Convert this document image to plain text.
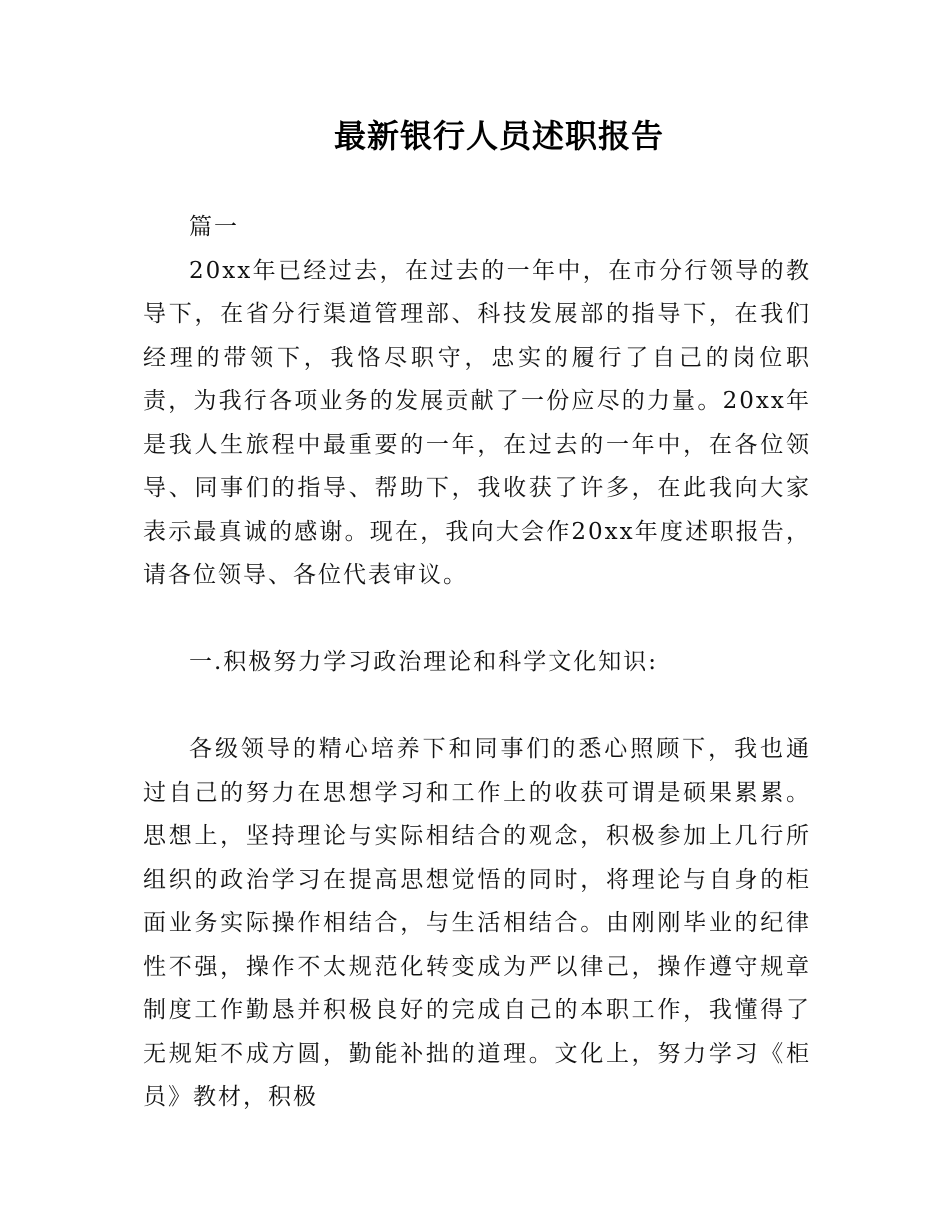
最新银行人员述职报告

篇一

20xx年已经过去，在过去的一年中，在市分行领导的教导下，在省分行渠道管理部、科技发展部的指导下，在我们经理的带领下，我恪尽职守，忠实的履行了自己的岗位职责，为我行各项业务的发展贡献了一份应尽的力量。20xx年是我人生旅程中最重要的一年，在过去的一年中，在各位领导、同事们的指导、帮助下，我收获了许多，在此我向大家表示最真诚的感谢。现在，我向大会作20xx年度述职报告，请各位领导、各位代表审议。

一.积极努力学习政治理论和科学文化知识:

各级领导的精心培养下和同事们的悉心照顾下，我也通过自己的努力在思想学习和工作上的收获可谓是硕果累累。思想上，坚持理论与实际相结合的观念，积极参加上几行所组织的政治学习在提高思想觉悟的同时，将理论与自身的柜面业务实际操作相结合，与生活相结合。由刚刚毕业的纪律性不强，操作不太规范化转变成为严以律己，操作遵守规章制度工作勤恳并积极良好的完成自己的本职工作，我懂得了无规矩不成方圆，勤能补拙的道理。文化上，努力学习《柜员》教材，积极
